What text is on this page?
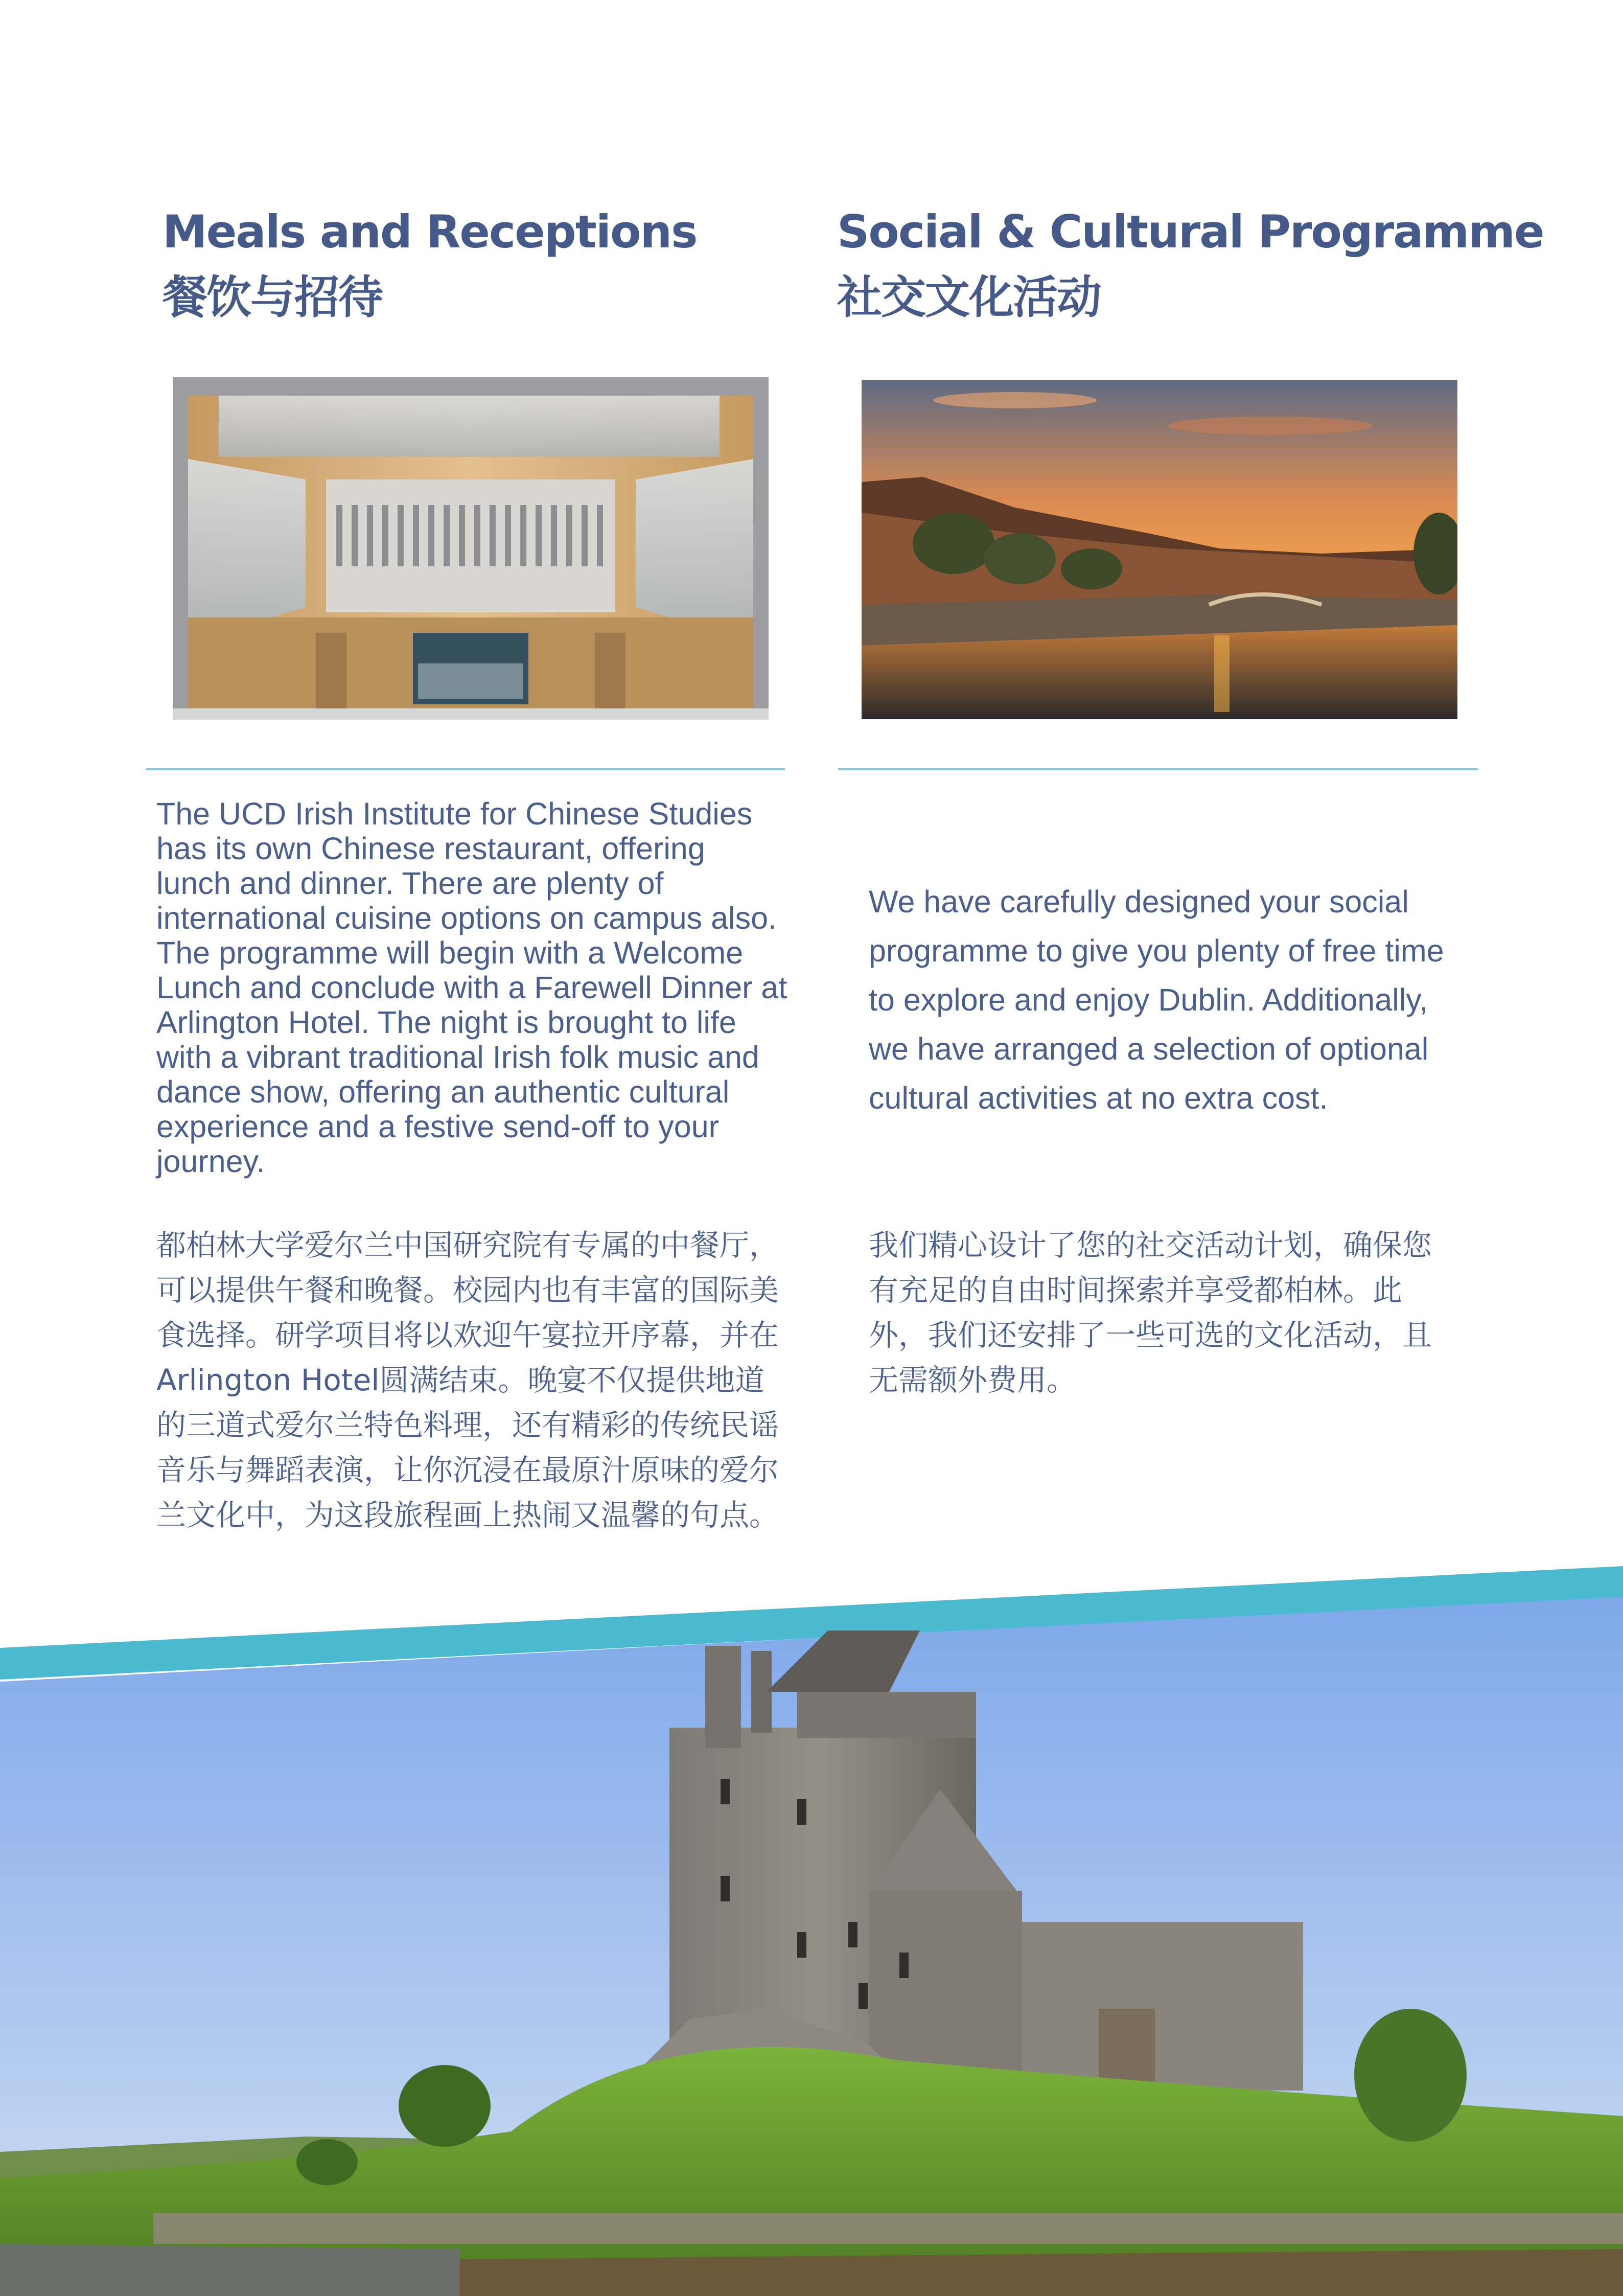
Meals and Receptions
餐饮与招待
Social & Cultural Programme
社交文化活动
The UCD Irish Institute for Chinese Studies has its own Chinese restaurant, offering lunch and dinner. There are plenty of international cuisine options on campus also. The programme will begin with a Welcome Lunch and conclude with a Farewell Dinner at Arlington Hotel. The night is brought to life with a vibrant traditional Irish folk music and dance show, offering an authentic cultural experience and a festive send-off to your journey.
都柏林大学爱尔兰中国研究院有专属的中餐厅，可以提供午餐和晚餐。校园内也有丰富的国际美食选择。研学项目将以欢迎午宴拉开序幕，并在Arlington Hotel圆满结束。晚宴不仅提供地道的三道式爱尔兰特色料理，还有精彩的传统民谣音乐与舞蹈表演，让你沉浸在最原汁原味的爱尔兰文化中，为这段旅程画上热闹又温馨的句点。
We have carefully designed your social programme to give you plenty of free time to explore and enjoy Dublin. Additionally, we have arranged a selection of optional cultural activities at no extra cost.
我们精心设计了您的社交活动计划，确保您有充足的自由时间探索并享受都柏林。此外，我们还安排了一些可选的文化活动，且无需额外费用。
